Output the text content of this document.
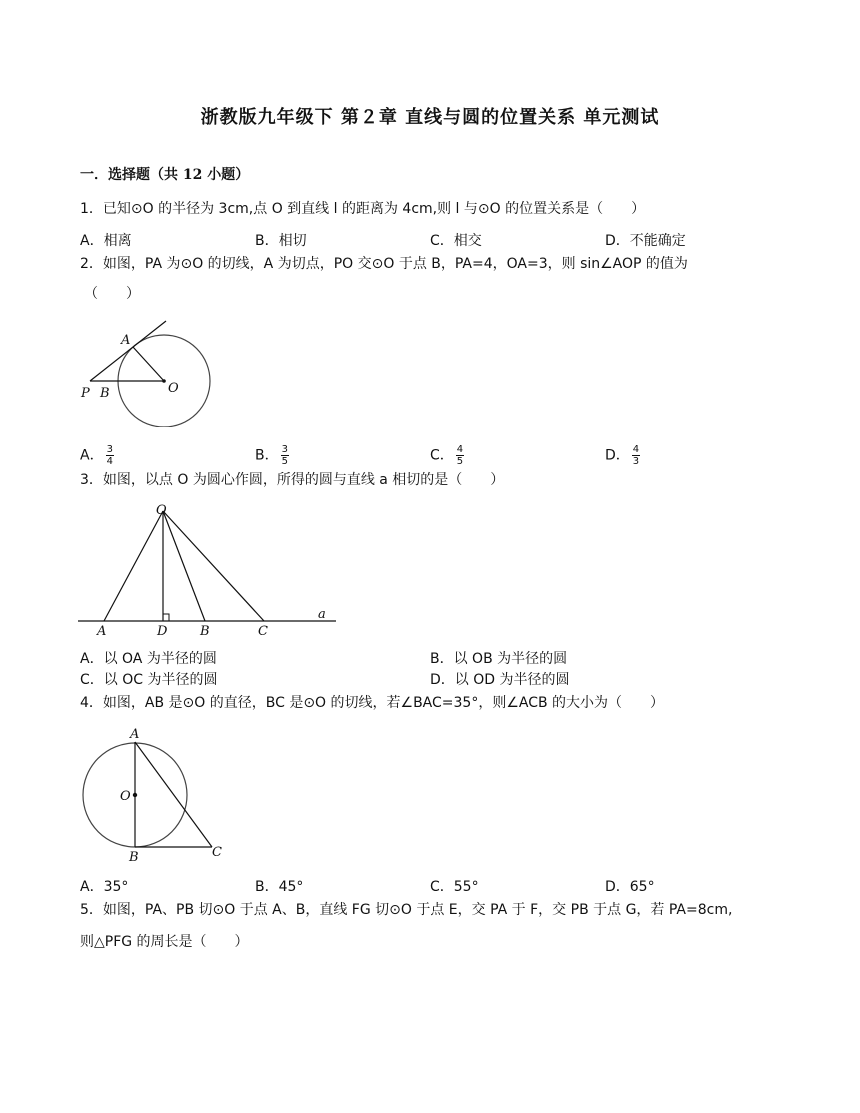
浙教版九年级下 第２章 直线与圆的位置关系 单元测试
一．选择题（共 12 小题）
1．已知⊙O 的半径为 3cm,点 O 到直线 l 的距离为 4cm,则 l 与⊙O 的位置关系是（　　）
A．相离	B．相切	C．相交	D．不能确定
2．如图，PA 为⊙O 的切线，A 为切点，PO 交⊙O 于点 B，PA=4，OA=3，则 sin∠AOP 的值为
（　　）
A
P B	O
A． $\frac{3}{4}$	B． $\frac{3}{5}$	C． $\frac{4}{5}$	D． $\frac{4}{3}$
3．如图，以点 O 为圆心作圆，所得的圆与直线 a 相切的是（　　）
O
A	D	B	C
a
A．以 OA 为半径的圆	B．以 OB 为半径的圆
C．以 OC 为半径的圆	D．以 OD 为半径的圆
4．如图，AB 是⊙O 的直径，BC 是⊙O 的切线，若∠BAC=35°，则∠ACB 的大小为（　　）
A
O
B	C
A．35°	B．45°	C．55°	D．65°
5．如图，PA、PB 切⊙O 于点 A、B，直线 FG 切⊙O 于点 E，交 PA 于 F，交 PB 于点 G，若 PA=8cm,
则△PFG 的周长是（　　）
